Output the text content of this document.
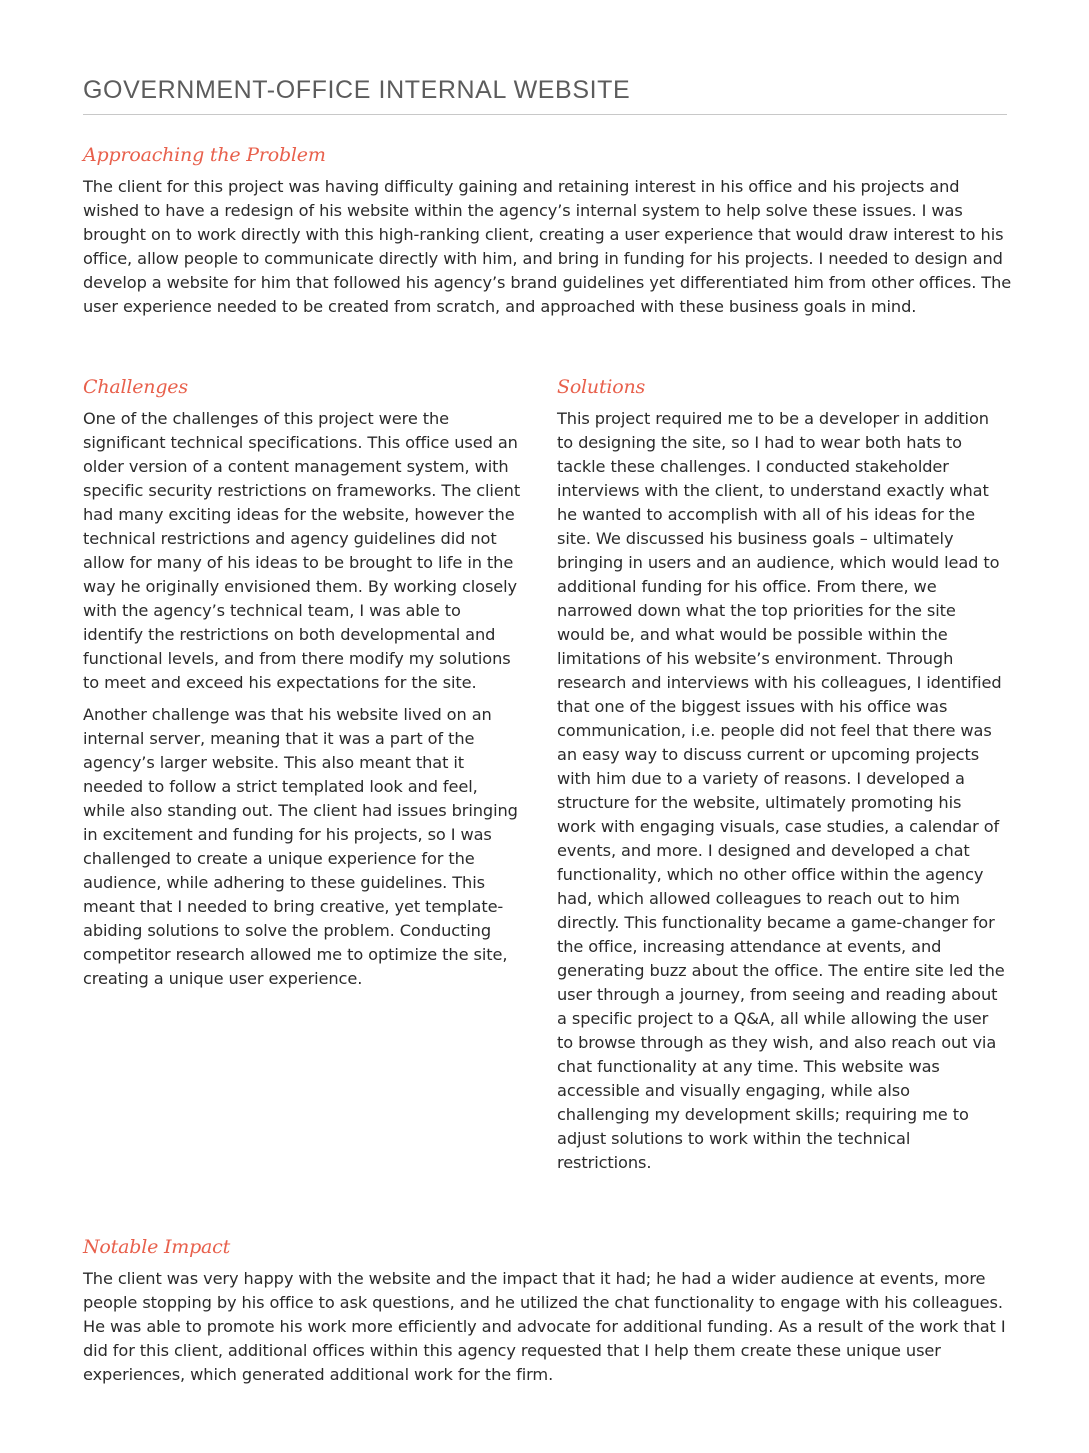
GOVERNMENT-OFFICE INTERNAL WEBSITE
Approaching the Problem

The client for this project was having difficulty gaining and retaining interest in his office and his projects and wished to have a redesign of his website within the agency’s internal system to help solve these issues. I was brought on to work directly with this high-ranking client, creating a user experience that would draw interest to his office, allow people to communicate directly with him, and bring in funding for his projects. I needed to design and develop a website for him that followed his agency’s brand guidelines yet differentiated him from other offices. The user experience needed to be created from scratch, and approached with these business goals in mind.

Challenges

One of the challenges of this project were the significant technical specifications. This office used an older version of a content management system, with specific security restrictions on frameworks. The client had many exciting ideas for the website, however the technical restrictions and agency guidelines did not allow for many of his ideas to be brought to life in the way he originally envisioned them. By working closely with the agency’s technical team, I was able to identify the restrictions on both developmental and functional levels, and from there modify my solutions to meet and exceed his expectations for the site.

Another challenge was that his website lived on an internal server, meaning that it was a part of the agency’s larger website. This also meant that it needed to follow a strict templated look and feel, while also standing out. The client had issues bringing in excitement and funding for his projects, so I was challenged to create a unique experience for the audience, while adhering to these guidelines. This meant that I needed to bring creative, yet template-abiding solutions to solve the problem. Conducting competitor research allowed me to optimize the site, creating a unique user experience.

Solutions

This project required me to be a developer in addition to designing the site, so I had to wear both hats to tackle these challenges. I conducted stakeholder interviews with the client, to understand exactly what he wanted to accomplish with all of his ideas for the site. We discussed his business goals – ultimately bringing in users and an audience, which would lead to additional funding for his office. From there, we narrowed down what the top priorities for the site would be, and what would be possible within the limitations of his website’s environment. Through research and interviews with his colleagues, I identified that one of the biggest issues with his office was communication, i.e. people did not feel that there was an easy way to discuss current or upcoming projects with him due to a variety of reasons. I developed a structure for the website, ultimately promoting his work with engaging visuals, case studies, a calendar of events, and more. I designed and developed a chat functionality, which no other office within the agency had, which allowed colleagues to reach out to him directly. This functionality became a game-changer for the office, increasing attendance at events, and generating buzz about the office. The entire site led the user through a journey, from seeing and reading about a specific project to a Q&A, all while allowing the user to browse through as they wish, and also reach out via chat functionality at any time. This website was accessible and visually engaging, while also challenging my development skills; requiring me to adjust solutions to work within the technical restrictions.

Notable Impact

The client was very happy with the website and the impact that it had; he had a wider audience at events, more people stopping by his office to ask questions, and he utilized the chat functionality to engage with his colleagues. He was able to promote his work more efficiently and advocate for additional funding. As a result of the work that I did for this client, additional offices within this agency requested that I help them create these unique user experiences, which generated additional work for the firm.
